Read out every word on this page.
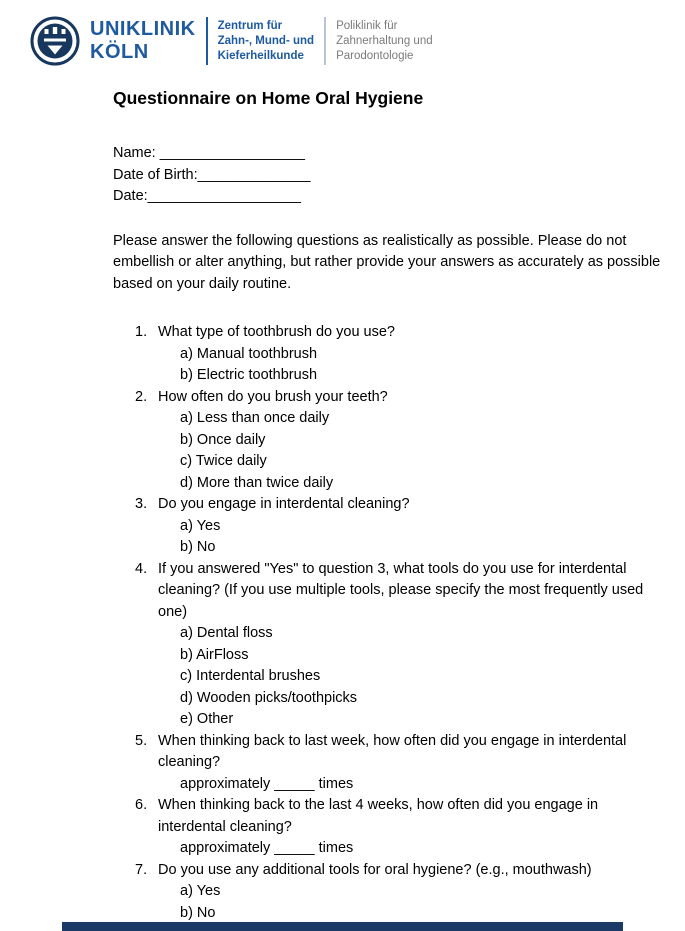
UNIKLINIK
KÖLN
Zentrum für
Zahn-, Mund- und
Kieferheilkunde
Poliklinik für
Zahnerhaltung und
Parodontologie
Questionnaire on Home Oral Hygiene
Name: __________________
Date of Birth:______________
Date:___________________

Please answer the following questions as realistically as possible. Please do not embellish or alter anything, but rather provide your answers as accurately as possible based on your daily routine.

1. What type of toothbrush do you use?
a) Manual toothbrush
b) Electric toothbrush
2. How often do you brush your teeth?
a) Less than once daily
b) Once daily
c) Twice daily
d) More than twice daily
3. Do you engage in interdental cleaning?
a) Yes
b) No
4. If you answered "Yes" to question 3, what tools do you use for interdental cleaning? (If you use multiple tools, please specify the most frequently used one)
a) Dental floss
b) AirFloss
c) Interdental brushes
d) Wooden picks/toothpicks
e) Other
5. When thinking back to last week, how often did you engage in interdental cleaning?
approximately _____ times
6. When thinking back to the last 4 weeks, how often did you engage in interdental cleaning?
approximately _____ times
7. Do you use any additional tools for oral hygiene? (e.g., mouthwash)
a) Yes
b) No
